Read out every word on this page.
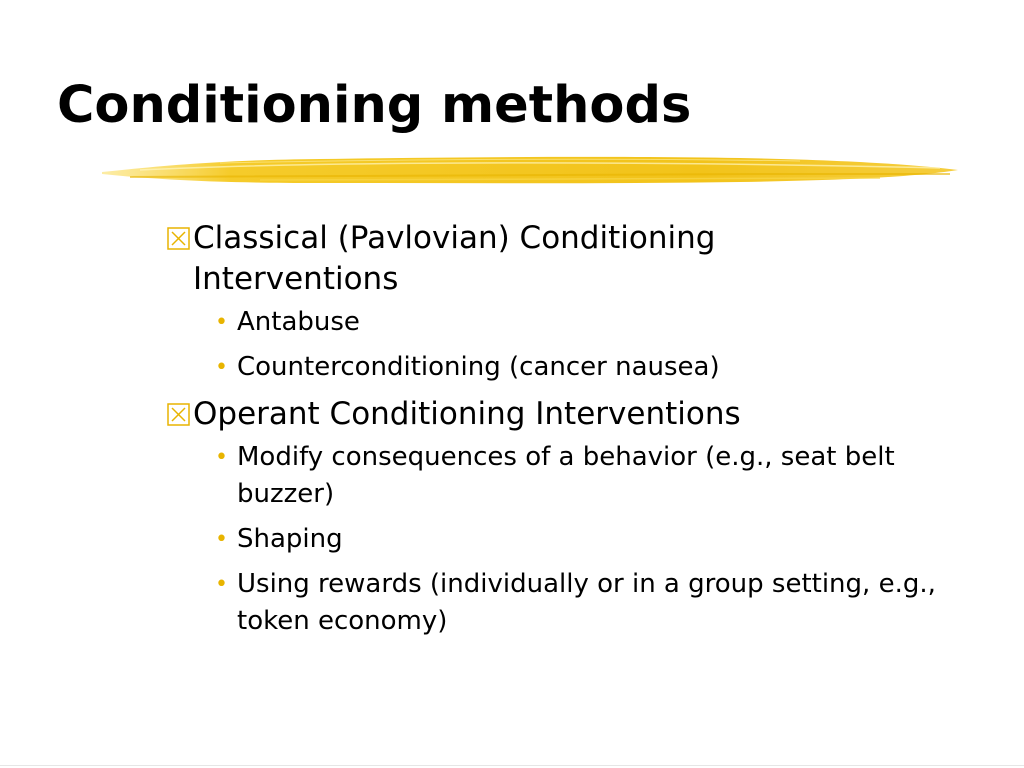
Conditioning methods
Classical (Pavlovian) Conditioning Interventions
• Antabuse
• Counterconditioning (cancer nausea)
Operant Conditioning Interventions
• Modify consequences of a behavior (e.g., seat belt buzzer)
• Shaping
• Using rewards (individually or in a group setting, e.g., token economy)
